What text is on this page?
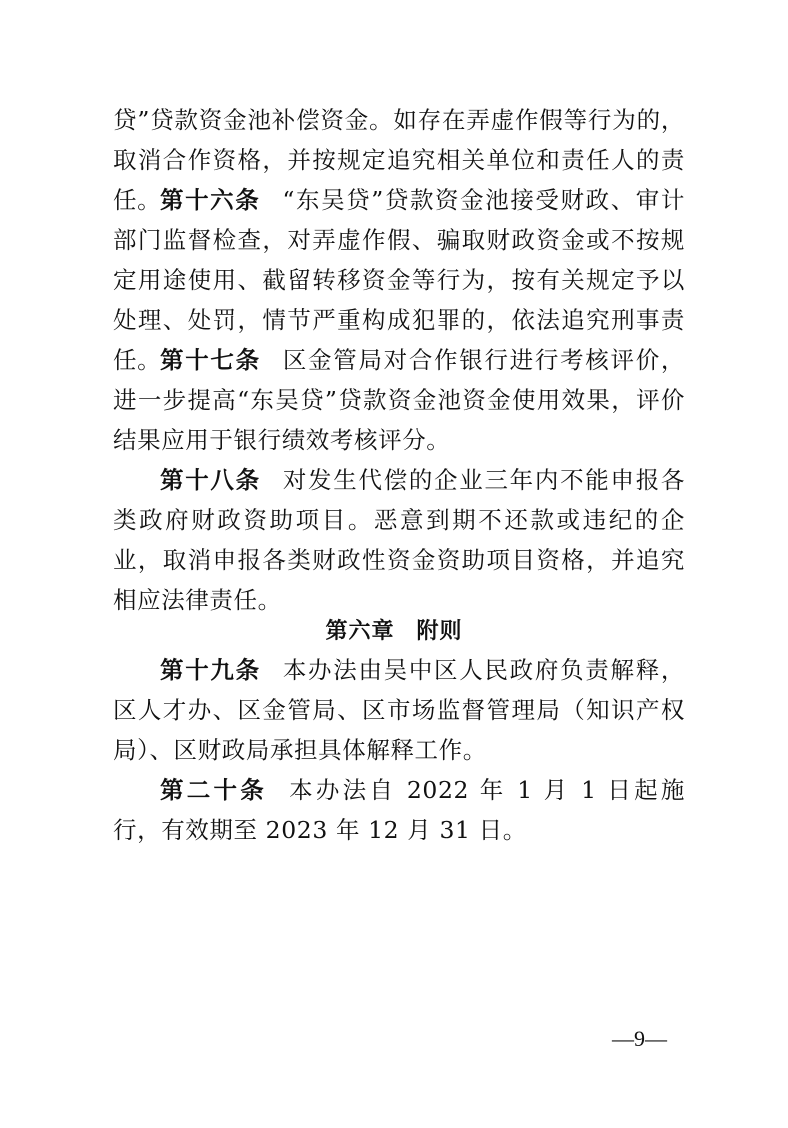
贷”贷款资金池补偿资金。如存在弄虚作假等行为的，取消合作资格，并按规定追究相关单位和责任人的责任。

第十六条 “东吴贷”贷款资金池接受财政、审计部门监督检查，对弄虚作假、骗取财政资金或不按规定用途使用、截留转移资金等行为，按有关规定予以处理、处罚，情节严重构成犯罪的，依法追究刑事责任。

第十七条 区金管局对合作银行进行考核评价，进一步提高“东吴贷”贷款资金池资金使用效果，评价结果应用于银行绩效考核评分。

第十八条 对发生代偿的企业三年内不能申报各类政府财政资助项目。恶意到期不还款或违纪的企业，取消申报各类财政性资金资助项目资格，并追究相应法律责任。

第六章 附则

第十九条 本办法由吴中区人民政府负责解释，区人才办、区金管局、区市场监督管理局（知识产权局）、区财政局承担具体解释工作。

第二十条 本办法自 2022 年 1 月 1 日起施行，有效期至 2023 年 12 月 31 日。

—9—
